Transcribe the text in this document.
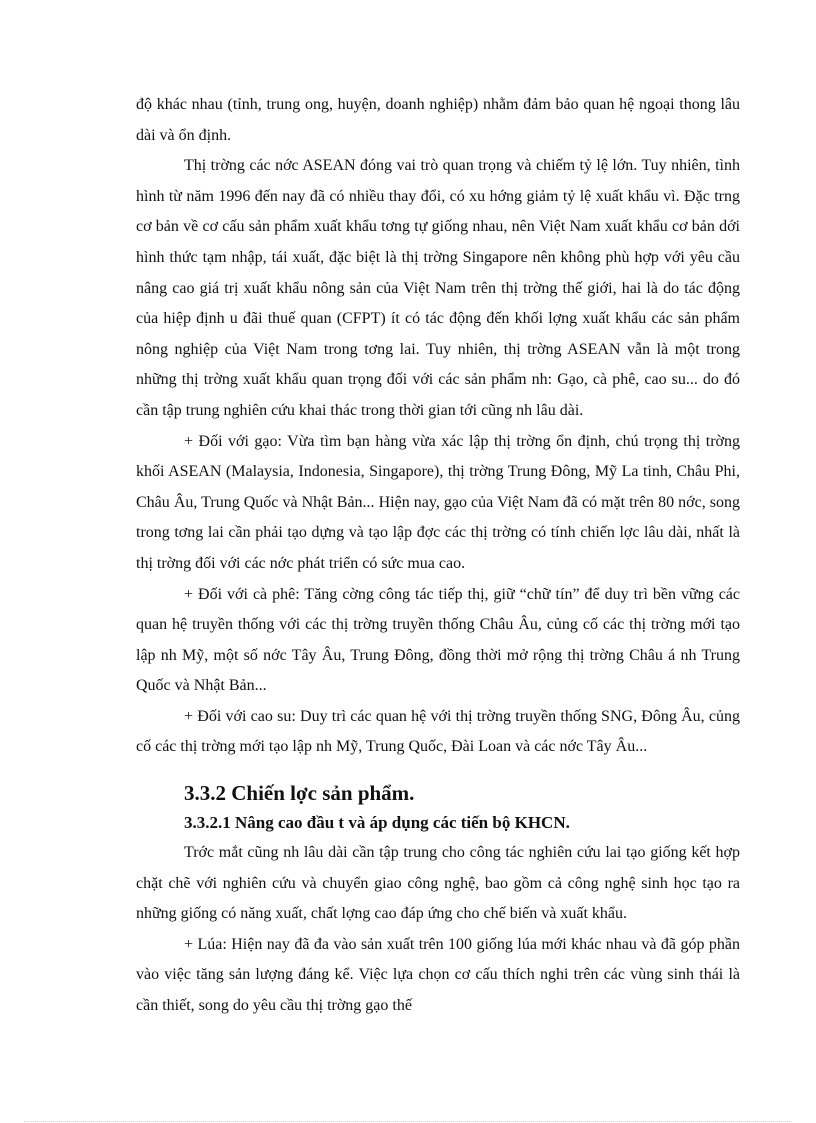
độ khác nhau (tỉnh, trung ong, huyện, doanh nghiệp) nhằm đảm bảo quan hệ ngoại thong lâu dài và ổn định.

Thị trờng các nớc ASEAN đóng vai trò quan trọng và chiếm tỷ lệ lớn. Tuy nhiên, tình hình từ năm 1996 đến nay đã có nhiều thay đổi, có xu hớng giảm tỷ lệ xuất khẩu vì. Đặc trng cơ bản về cơ cấu sản phẩm xuất khẩu tơng tự giống nhau, nên Việt Nam xuất khẩu cơ bản dới hình thức tạm nhập, tái xuất, đặc biệt là thị trờng Singapore nên không phù hợp với yêu cầu nâng cao giá trị xuất khẩu nông sản của Việt Nam trên thị trờng thế giới, hai là do tác động của hiệp định u đãi thuế quan (CFPT) ít có tác động đến khối lợng xuất khẩu các sản phẩm nông nghiệp của Việt Nam trong tơng lai. Tuy nhiên, thị trờng ASEAN vẫn là một trong những thị trờng xuất khẩu quan trọng đối với các sản phẩm nh: Gạo, cà phê, cao su... do đó cần tập trung nghiên cứu khai thác trong thời gian tới cũng nh lâu dài.

+ Đối với gạo: Vừa tìm bạn hàng vừa xác lập thị trờng ổn định, chú trọng thị trờng khối ASEAN (Malaysia, Indonesia, Singapore), thị trờng Trung Đông, Mỹ La tinh, Châu Phi, Châu Âu, Trung Quốc và Nhật Bản... Hiện nay, gạo của Việt Nam đã có mặt trên 80 nớc, song trong tơng lai cần phải tạo dựng và tạo lập đợc các thị trờng có tính chiến lợc lâu dài, nhất là thị trờng đối với các nớc phát triển có sức mua cao.

+ Đối với cà phê: Tăng cờng công tác tiếp thị, giữ “chữ tín” để duy trì bền vững các quan hệ truyền thống với các thị trờng truyền thống Châu Âu, củng cố các thị trờng mới tạo lập nh Mỹ, một số nớc Tây Âu, Trung Đông, đồng thời mở rộng thị trờng Châu á nh Trung Quốc và Nhật Bản...

+ Đối với cao su: Duy trì các quan hệ với thị trờng truyền thống SNG, Đông Âu, củng cố các thị trờng mới tạo lập nh Mỹ, Trung Quốc, Đài Loan và các nớc Tây Âu...

3.3.2 Chiến lợc sản phẩm.
3.3.2.1 Nâng cao đầu t và áp dụng các tiến bộ KHCN.

Trớc mắt cũng nh lâu dài cần tập trung cho công tác nghiên cứu lai tạo giống kết hợp chặt chẽ với nghiên cứu và chuyển giao công nghệ, bao gồm cả công nghệ sinh học tạo ra những giống có năng xuất, chất lợng cao đáp ứng cho chế biến và xuất khẩu.

+ Lúa: Hiện nay đã đa vào sản xuất trên 100 giống lúa mới khác nhau và đã góp phần vào việc tăng sản lượng đáng kể. Việc lựa chọn cơ cấu thích nghi trên các vùng sinh thái là cần thiết, song do yêu cầu thị trờng gạo thế
